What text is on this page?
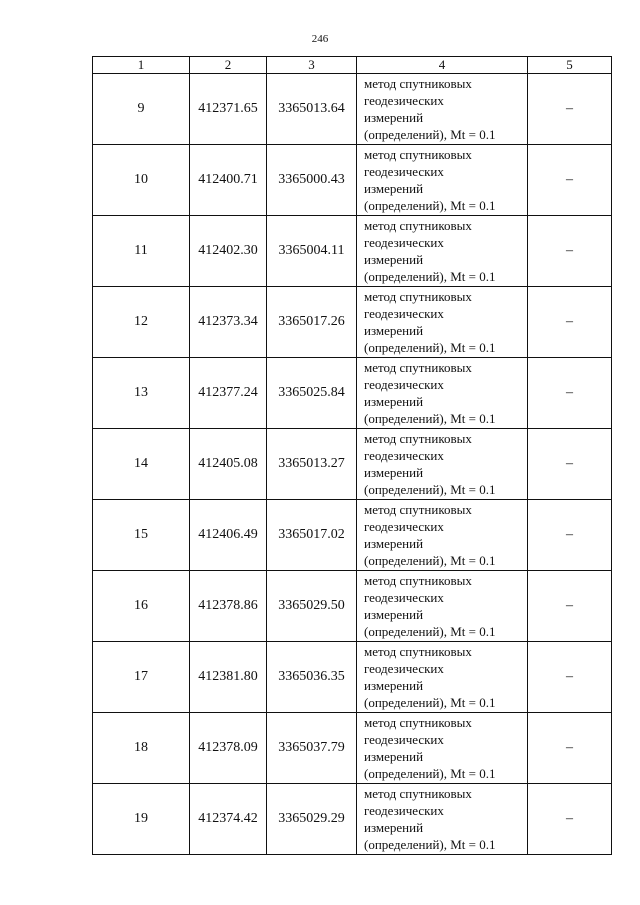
246
1	2	3	4	5
9	412371.65	3365013.64	метод спутниковых
геодезических
измерений
(определений), Mt = 0.1	–
10	412400.71	3365000.43	метод спутниковых
геодезических
измерений
(определений), Mt = 0.1	–
11	412402.30	3365004.11	метод спутниковых
геодезических
измерений
(определений), Mt = 0.1	–
12	412373.34	3365017.26	метод спутниковых
геодезических
измерений
(определений), Mt = 0.1	–
13	412377.24	3365025.84	метод спутниковых
геодезических
измерений
(определений), Mt = 0.1	–
14	412405.08	3365013.27	метод спутниковых
геодезических
измерений
(определений), Mt = 0.1	–
15	412406.49	3365017.02	метод спутниковых
геодезических
измерений
(определений), Mt = 0.1	–
16	412378.86	3365029.50	метод спутниковых
геодезических
измерений
(определений), Mt = 0.1	–
17	412381.80	3365036.35	метод спутниковых
геодезических
измерений
(определений), Mt = 0.1	–
18	412378.09	3365037.79	метод спутниковых
геодезических
измерений
(определений), Mt = 0.1	–
19	412374.42	3365029.29	метод спутниковых
геодезических
измерений
(определений), Mt = 0.1	–
